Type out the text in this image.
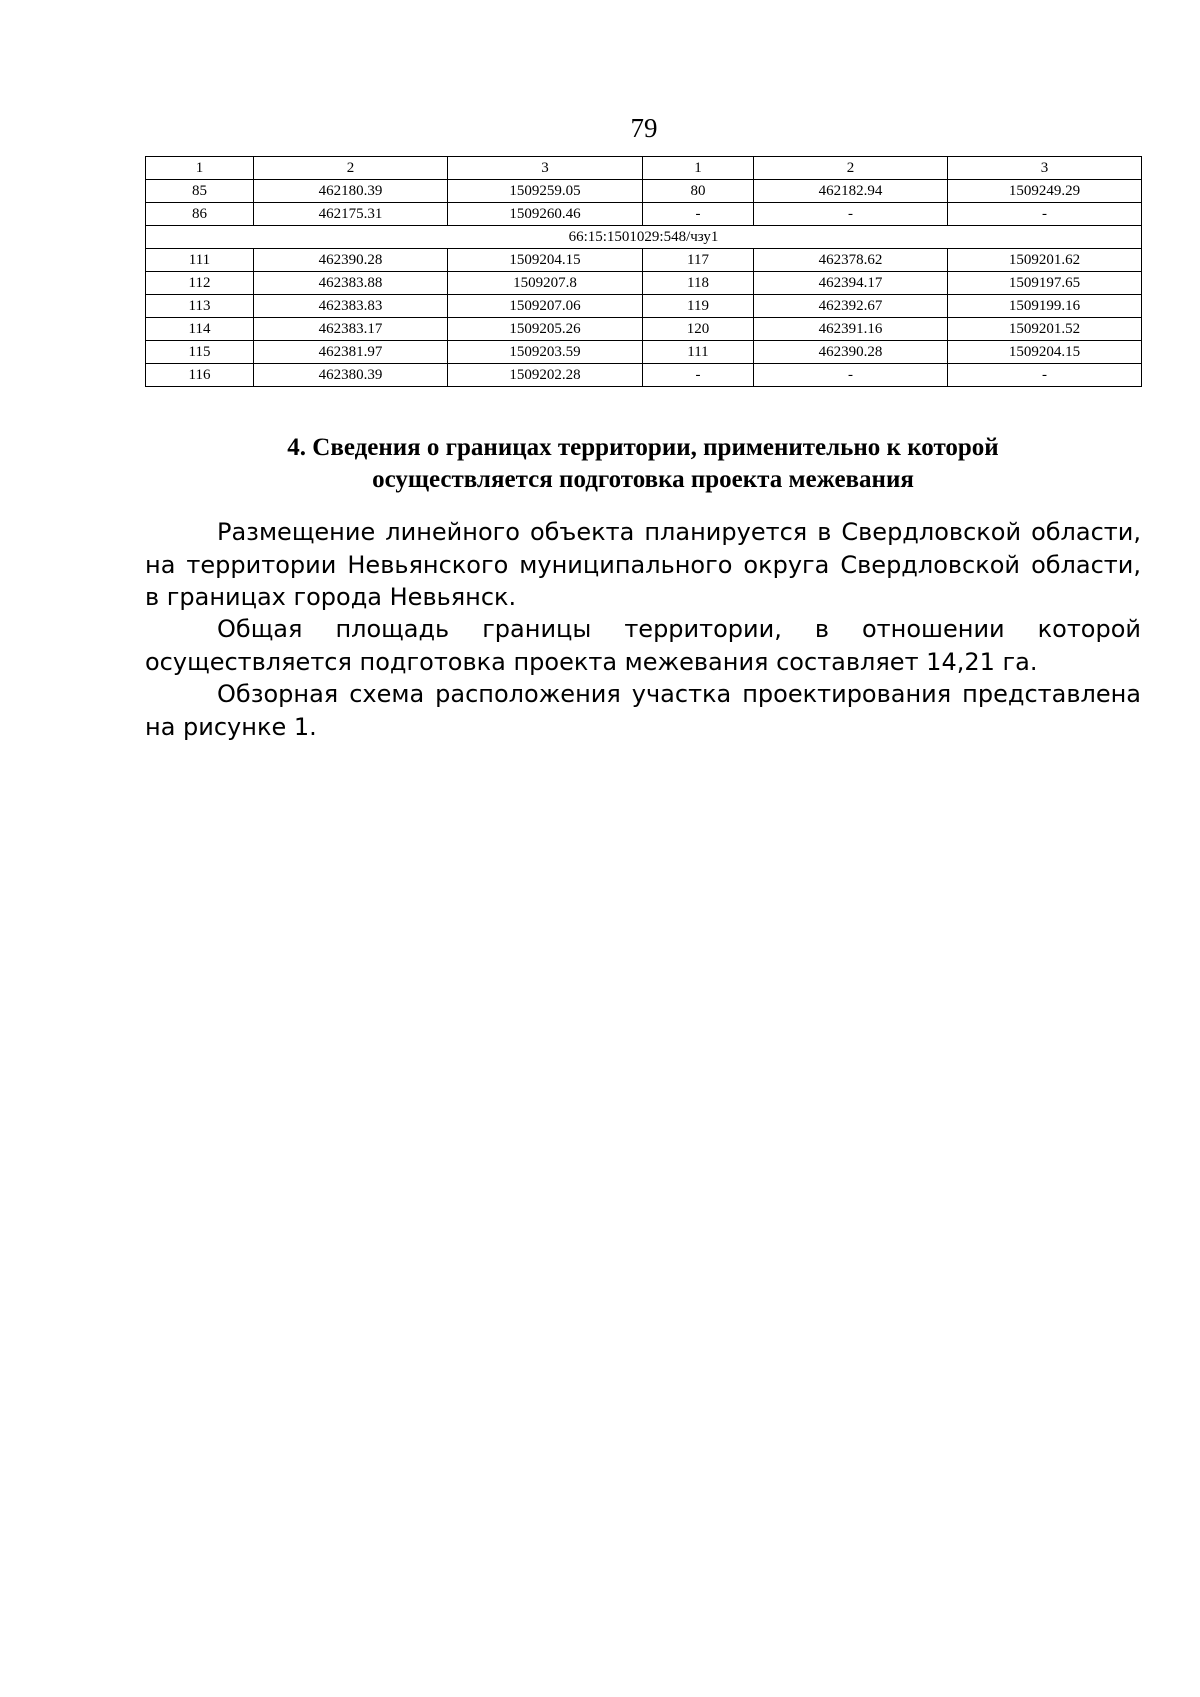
79
1	2	3	1	2	3
85	462180.39	1509259.05	80	462182.94	1509249.29
86	462175.31	1509260.46	-	-	-
66:15:1501029:548/чзу1					
111	462390.28	1509204.15	117	462378.62	1509201.62
112	462383.88	1509207.8	118	462394.17	1509197.65
113	462383.83	1509207.06	119	462392.67	1509199.16
114	462383.17	1509205.26	120	462391.16	1509201.52
115	462381.97	1509203.59	111	462390.28	1509204.15
116	462380.39	1509202.28	-	-	-
4. Сведения о границах территории, применительно к которой
осуществляется подготовка проекта межевания

Размещение линейного объекта планируется в Свердловской области, на территории Невьянского муниципального округа Свердловской области, в границах города Невьянск.

Общая площадь границы территории, в отношении которой осуществляется подготовка проекта межевания составляет 14,21 га.

Обзорная схема расположения участка проектирования представлена на рисунке 1.
